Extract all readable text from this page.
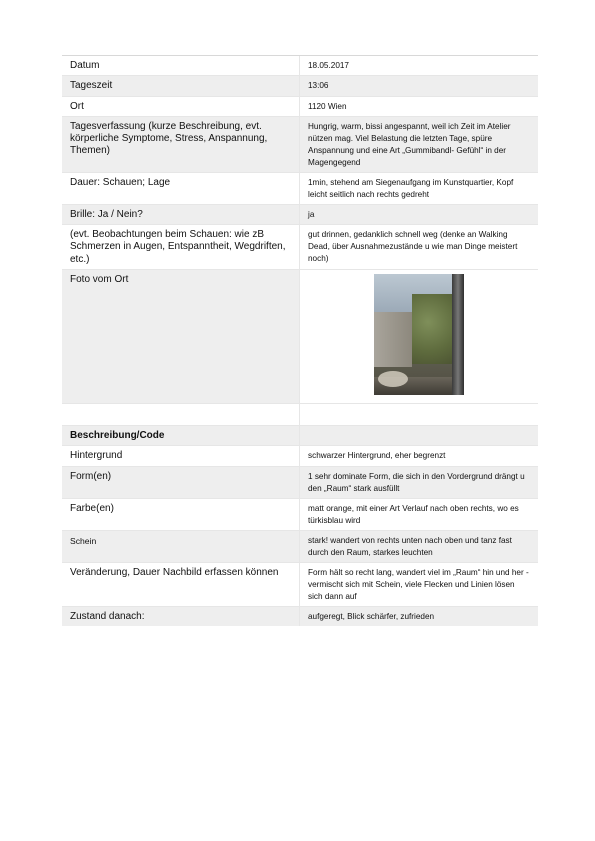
Datum	18.05.2017
Tageszeit	13:06
Ort	1120 Wien
Tagesverfassung (kurze Beschreibung, evt. körperliche Symptome, Stress, Anspannung, Themen)	Hungrig, warm, bissi angespannt, weil ich Zeit im Atelier nützen mag. Viel Belastung die letzten Tage, spüre Anspannung und eine Art „Gummibandl- Gefühl“ in der Magengegend
Dauer: Schauen; Lage	1min, stehend am Siegenaufgang im Kunstquartier, Kopf leicht seitlich nach rechts gedreht
Brille: Ja / Nein?	ja
(evt. Beobachtungen beim Schauen: wie zB Schmerzen in Augen, Entspanntheit, Wegdriften, etc.)	gut drinnen, gedanklich schnell weg (denke an Walking Dead, über Ausnahmezustände u wie man Dinge meistert noch)
Foto vom Ort	

Beschreibung/Code	
Hintergrund	schwarzer Hintergrund, eher begrenzt
Form(en)	1 sehr dominate Form, die sich in den Vordergrund drängt u den „Raum“ stark ausfüllt
Farbe(en)	matt orange, mit einer Art Verlauf nach oben rechts, wo es türkisblau wird
Schein	stark! wandert von rechts unten nach oben und tanz fast durch den Raum, starkes leuchten
Veränderung, Dauer Nachbild erfassen können	Form hält so recht lang, wandert viel im „Raum“ hin und her - vermischt sich mit Schein, viele Flecken und Linien lösen sich dann auf
Zustand danach:	aufgeregt, Blick schärfer, zufrieden
